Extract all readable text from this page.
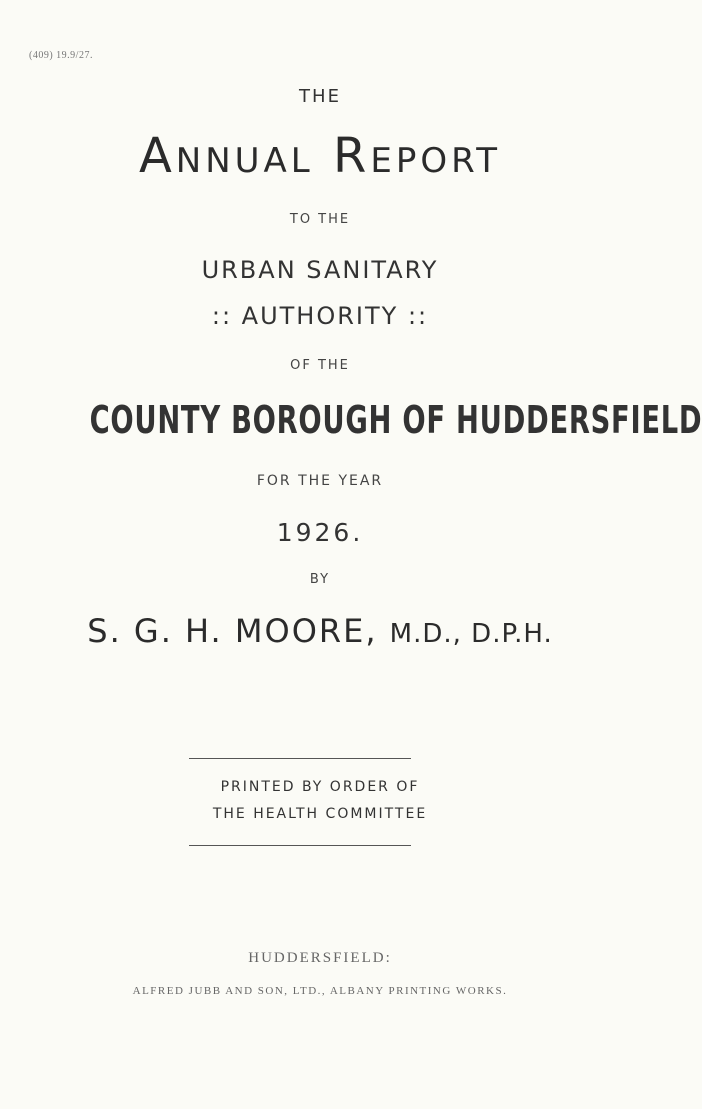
(409) 19.9/27.
THE
Annual Report
TO THE
URBAN SANITARY
:: AUTHORITY ::
OF THE
COUNTY BOROUGH OF HUDDERSFIELD
FOR THE YEAR
1926.
BY
S. G. H. MOORE, M.D., D.P.H.
PRINTED BY ORDER OF
THE HEALTH COMMITTEE
HUDDERSFIELD:
ALFRED JUBB AND SON, LTD., ALBANY PRINTING WORKS.
